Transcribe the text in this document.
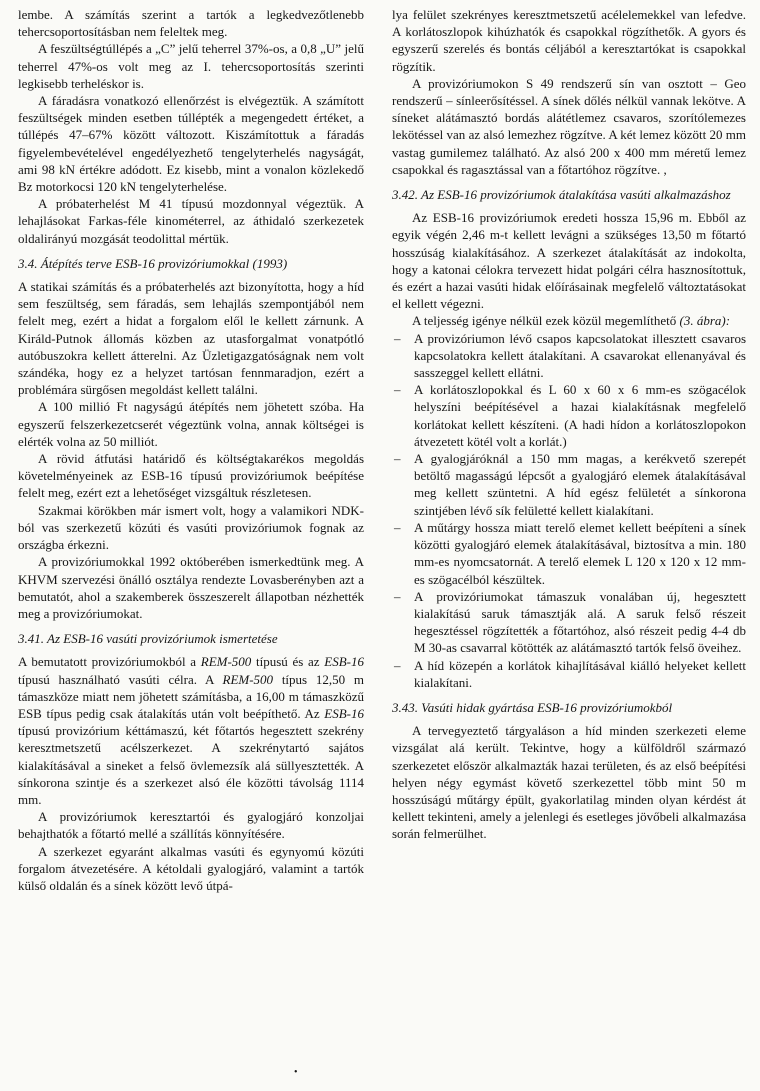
lembe. A számítás szerint a tartók a legkedvezőtlenebb tehercsoportosításban nem feleltek meg.

A feszültségtúllépés a „C” jelű teherrel 37%-os, a 0,8 „U” jelű teherrel 47%-os volt meg az I. tehercsoportosítás szerinti legkisebb terheléskor is.

A fáradásra vonatkozó ellenőrzést is elvégeztük. A számított feszültségek minden esetben túllépték a megengedett értéket, a túllépés 47–67% között változott. Kiszámítottuk a fáradás figyelembevételével engedélyezhető tengelyterhelés nagyságát, ami 98 kN értékre adódott. Ez kisebb, mint a vonalon közlekedő Bz motorkocsi 120 kN tengelyterhelése.

A próbaterhelést M 41 típusú mozdonnyal végeztük. A lehajlásokat Farkas-féle kinométerrel, az áthidaló szerkezetek oldalirányú mozgását teodolittal mértük.

3.4. Átépítés terve ESB-16 provizóriumokkal (1993)

A statikai számítás és a próbaterhelés azt bizonyította, hogy a híd sem feszültség, sem fáradás, sem lehajlás szempontjából nem felelt meg, ezért a hidat a forgalom elől le kellett zárnunk. A Királd-Putnok állomás közben az utasforgalmat vonatpótló autóbuszokra kellett átterelni. Az Üzletigazgatóságnak nem volt szándéka, hogy ez a helyzet tartósan fennmaradjon, ezért a problémára sürgősen megoldást kellett találni.

A 100 millió Ft nagyságú átépítés nem jöhetett szóba. Ha egyszerű felszerkezetcserét végeztünk volna, annak költségei is elérték volna az 50 milliót.

A rövid átfutási határidő és költségtakarékos megoldás követelményeinek az ESB-16 típusú provizóriumok beépítése felelt meg, ezért ezt a lehetőséget vizsgáltuk részletesen.

Szakmai körökben már ismert volt, hogy a valamikori NDK-ból vas szerkezetű közúti és vasúti provizóriumok fognak az országba érkezni.

A provizóriumokkal 1992 októberében ismerkedtünk meg. A KHVM szervezési önálló osztálya rendezte Lovasberényben azt a bemutatót, ahol a szakemberek összeszerelt állapotban nézhették meg a provizóriumokat.

3.41. Az ESB-16 vasúti provizóriumok ismertetése

A bemutatott provizóriumokból a REM-500 típusú és az ESB-16 típusú használható vasúti célra. A REM-500 típus 12,50 m támaszköze miatt nem jöhetett számításba, a 16,00 m támaszközű ESB típus pedig csak átalakítás után volt beépíthető. Az ESB-16 típusú provizórium kéttámaszú, két főtartós hegesztett szekrény keresztmetszetű acélszerkezet. A szekrénytartó sajátos kialakításával a sineket a felső övlemezsík alá süllyesztették. A sínkorona szintje és a szerkezet alsó éle közötti távolság 1114 mm.

A provizóriumok keresztartói és gyalogjáró konzoljai behajthatók a főtartó mellé a szállítás könnyítésére.

A szerkezet egyaránt alkalmas vasúti és egynyomú közúti forgalom átvezetésére. A kétoldali gyalogjáró, valamint a tartók külső oldalán és a sínek között levő útpá-

lya felület szekrényes keresztmetszetű acélelemekkel van lefedve. A korlátoszlopok kihúzhatók és csapokkal rögzíthetők. A gyors és egyszerű szerelés és bontás céljából a keresztartókat is csapokkal rögzítik.

A provizóriumokon S 49 rendszerű sín van osztott – Geo rendszerű – sínleerősítéssel. A sínek dőlés nélkül vannak lekötve. A síneket alátámasztó bordás alátétlemez csavaros, szorítólemezes lekötéssel van az alsó lemezhez rögzítve. A két lemez között 20 mm vastag gumilemez található. Az alsó 200 x 400 mm méretű lemez csapokkal és ragasztással van a főtartóhoz rögzítve. ,

3.42. Az ESB-16 provizóriumok átalakítása vasúti alkalmazáshoz

Az ESB-16 provizóriumok eredeti hossza 15,96 m. Ebből az egyik végén 2,46 m-t kellett levágni a szükséges 13,50 m főtartó hosszúság kialakításához. A szerkezet átalakítását az indokolta, hogy a katonai célokra tervezett hidat polgári célra hasznosítottuk, és ezért a hazai vasúti hidak előírásainak megfelelő változtatásokat el kellett végezni.

A teljesség igénye nélkül ezek közül megemlíthető (3. ábra):

– A provizóriumon lévő csapos kapcsolatokat illesztett csavaros kapcsolatokra kellett átalakítani. A csavarokat ellenanyával és sasszeggel kellett ellátni.
– A korlátoszlopokkal és L 60 x 60 x 6 mm-es szögacélok helyszíni beépítésével a hazai kialakításnak megfelelő korlátokat kellett készíteni. (A hadi hídon a korlátoszlopokon átvezetett kötél volt a korlát.)
– A gyalogjáróknál a 150 mm magas, a kerékvető szerepét betöltő magasságú lépcsőt a gyalogjáró elemek átalakításával meg kellett szüntetni. A híd egész felületét a sínkorona szintjében lévő sík felületté kellett kialakítani.
– A műtárgy hossza miatt terelő elemet kellett beépíteni a sínek közötti gyalogjáró elemek átalakításával, biztosítva a min. 180 mm-es nyomcsatornát. A terelő elemek L 120 x 120 x 12 mm-es szögacélból készültek.
– A provizóriumokat támaszuk vonalában új, hegesztett kialakítású saruk támasztják alá. A saruk felső részeit hegesztéssel rögzítették a főtartóhoz, alsó részeit pedig 4-4 db M 30-as csavarral kötötték az alátámasztó tartók felső öveihez.
– A híd közepén a korlátok kihajlításával kiálló helyeket kellett kialakítani.
3.43. Vasúti hidak gyártása ESB-16 provizóriumokból

A tervegyeztető tárgyaláson a híd minden szerkezeti eleme vizsgálat alá került. Tekintve, hogy a külföldről származó szerkezetet először alkalmazták hazai területen, és az első beépítési helyen négy egymást követő szerkezettel több mint 50 m hosszúságú műtárgy épült, gyakorlatilag minden olyan kérdést át kellett tekinteni, amely a jelenlegi és esetleges jövőbeli alkalmazása során felmerülhet.

•
